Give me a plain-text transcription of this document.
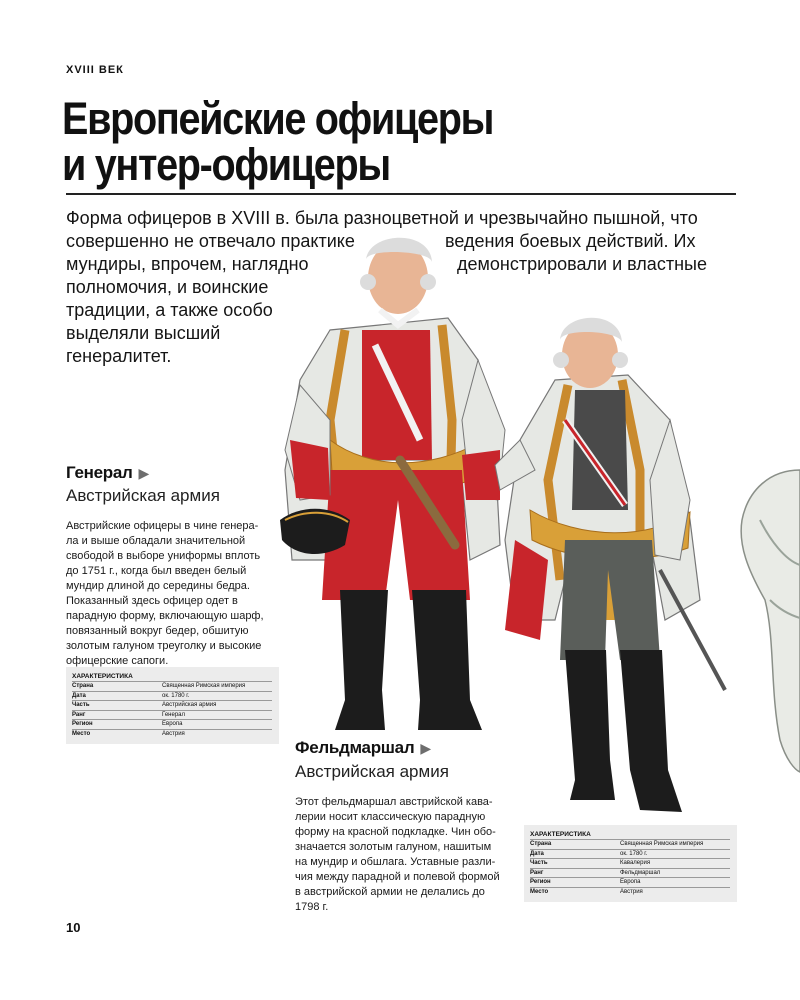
XVIII ВЕК
Европейские офицеры
и унтер-офицеры
Форма офицеров в XVIII в. была разноцветной и чрезвычайно пышной, что
совершенно не отвечало практике	ведения боевых действий. Их
мундиры, впрочем, наглядно	демонстрировали и властные
полномочия, и воинские
традиции, а также особо
выделяли высший
генералитет.
Генерал ▶
Австрийская армия
Австрийские офицеры в чине генера-
ла и выше обладали значительной
свободой в выборе униформы вплоть
до 1751 г., когда был введен белый
мундир длиной до середины бедра.
Показанный здесь офицер одет в
парадную форму, включающую шарф,
повязанный вокруг бедер, обшитую
золотым галуном треуголку и высокие
офицерские сапоги.
ХАРАКТЕРИСТИКА
Страна	Священная Римская империя
Дата	ок. 1780 г.
Часть	Австрийская армия
Ранг	Генерал
Регион	Европа
Место	Австрия
Фельдмаршал ▶
Австрийская армия
Этот фельдмаршал австрийской кава-
лерии носит классическую парадную
форму на красной подкладке. Чин обо-
значается золотым галуном, нашитым
на мундир и обшлага. Уставные разли-
чия между парадной и полевой формой
в австрийской армии не делались до
1798 г.
ХАРАКТЕРИСТИКА
Страна	Священная Римская империя
Дата	ок. 1780 г.
Часть	Кавалерия
Ранг	Фельдмаршал
Регион	Европа
Место	Австрия
10
